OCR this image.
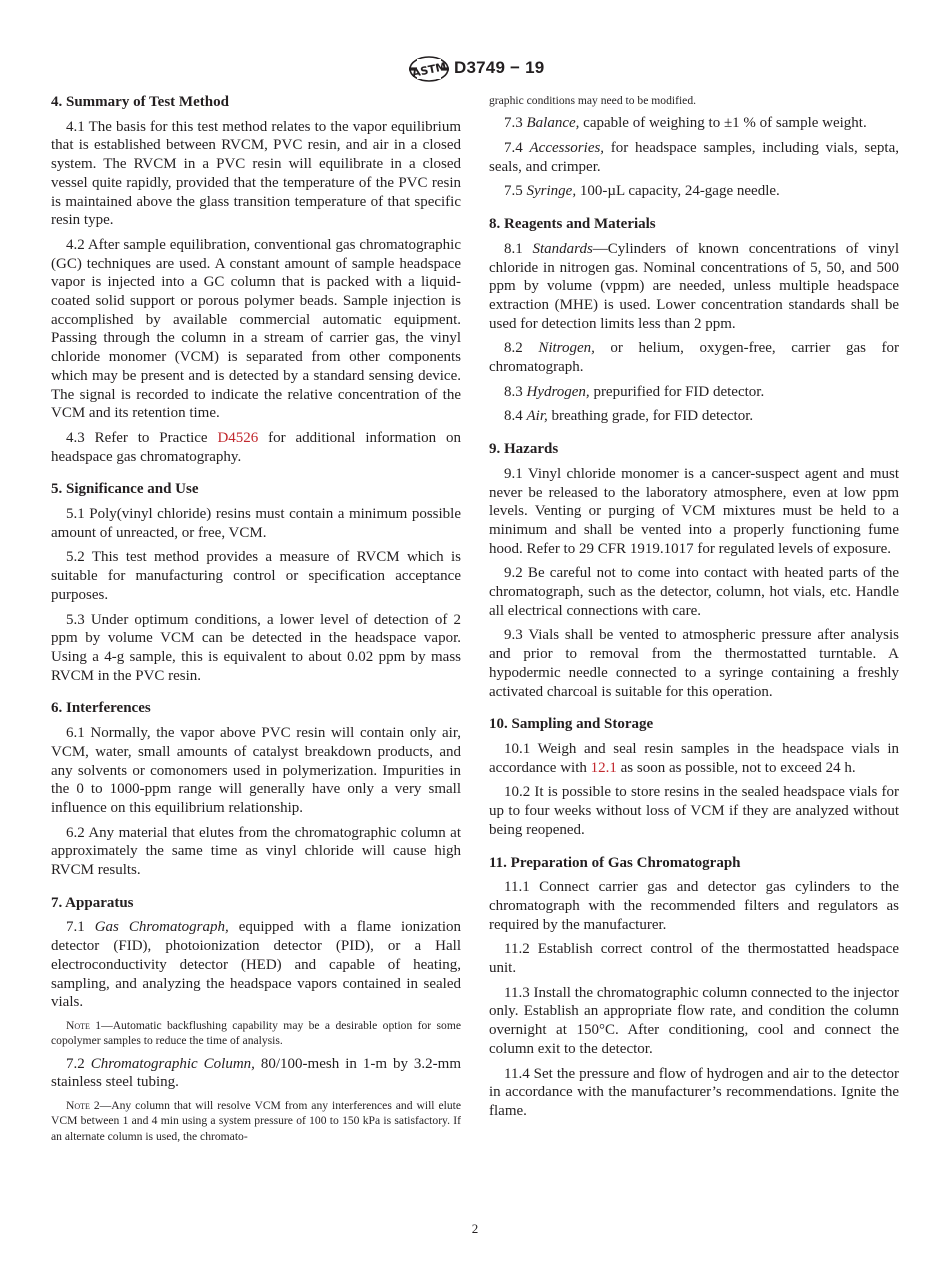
ASTM D3749 − 19
4. Summary of Test Method

4.1 The basis for this test method relates to the vapor equilibrium that is established between RVCM, PVC resin, and air in a closed system. The RVCM in a PVC resin will equilibrate in a closed vessel quite rapidly, provided that the temperature of the PVC resin is maintained above the glass transition temperature of that specific resin type.

4.2 After sample equilibration, conventional gas chromatographic (GC) techniques are used. A constant amount of sample headspace vapor is injected into a GC column that is packed with a liquid-coated solid support or porous polymer beads. Sample injection is accomplished by available commercial automatic equipment. Passing through the column in a stream of carrier gas, the vinyl chloride monomer (VCM) is separated from other components which may be present and is detected by a standard sensing device. The signal is recorded to indicate the relative concentration of the VCM and its retention time.

4.3 Refer to Practice D4526 for additional information on headspace gas chromatography.

5. Significance and Use

5.1 Poly(vinyl chloride) resins must contain a minimum possible amount of unreacted, or free, VCM.

5.2 This test method provides a measure of RVCM which is suitable for manufacturing control or specification acceptance purposes.

5.3 Under optimum conditions, a lower level of detection of 2 ppm by volume VCM can be detected in the headspace vapor. Using a 4-g sample, this is equivalent to about 0.02 ppm by mass RVCM in the PVC resin.

6. Interferences

6.1 Normally, the vapor above PVC resin will contain only air, VCM, water, small amounts of catalyst breakdown products, and any solvents or comonomers used in polymerization. Impurities in the 0 to 1000-ppm range will generally have only a very small influence on this equilibrium relationship.

6.2 Any material that elutes from the chromatographic column at approximately the same time as vinyl chloride will cause high RVCM results.

7. Apparatus

7.1 Gas Chromatograph, equipped with a flame ionization detector (FID), photoionization detector (PID), or a Hall electroconductivity detector (HED) and capable of heating, sampling, and analyzing the headspace vapors contained in sealed vials.

Note 1—Automatic backflushing capability may be a desirable option for some copolymer samples to reduce the time of analysis.

7.2 Chromatographic Column, 80/100-mesh in 1-m by 3.2-mm stainless steel tubing.

Note 2—Any column that will resolve VCM from any interferences and will elute VCM between 1 and 4 min using a system pressure of 100 to 150 kPa is satisfactory. If an alternate column is used, the chromato-
graphic conditions may need to be modified.

7.3 Balance, capable of weighing to ±1 % of sample weight.

7.4 Accessories, for headspace samples, including vials, septa, seals, and crimper.

7.5 Syringe, 100-µL capacity, 24-gage needle.

8. Reagents and Materials

8.1 Standards—Cylinders of known concentrations of vinyl chloride in nitrogen gas. Nominal concentrations of 5, 50, and 500 ppm by volume (vppm) are needed, unless multiple headspace extraction (MHE) is used. Lower concentration standards shall be used for detection limits less than 2 ppm.

8.2 Nitrogen, or helium, oxygen-free, carrier gas for chromatograph.

8.3 Hydrogen, prepurified for FID detector.

8.4 Air, breathing grade, for FID detector.

9. Hazards

9.1 Vinyl chloride monomer is a cancer-suspect agent and must never be released to the laboratory atmosphere, even at low ppm levels. Venting or purging of VCM mixtures must be held to a minimum and shall be vented into a properly functioning fume hood. Refer to 29 CFR 1919.1017 for regulated levels of exposure.

9.2 Be careful not to come into contact with heated parts of the chromatograph, such as the detector, column, hot vials, etc. Handle all electrical connections with care.

9.3 Vials shall be vented to atmospheric pressure after analysis and prior to removal from the thermostatted turntable. A hypodermic needle connected to a syringe containing a freshly activated charcoal is suitable for this operation.

10. Sampling and Storage

10.1 Weigh and seal resin samples in the headspace vials in accordance with 12.1 as soon as possible, not to exceed 24 h.

10.2 It is possible to store resins in the sealed headspace vials for up to four weeks without loss of VCM if they are analyzed without being reopened.

11. Preparation of Gas Chromatograph

11.1 Connect carrier gas and detector gas cylinders to the chromatograph with the recommended filters and regulators as required by the manufacturer.

11.2 Establish correct control of the thermostatted headspace unit.

11.3 Install the chromatographic column connected to the injector only. Establish an appropriate flow rate, and condition the column overnight at 150°C. After conditioning, cool and connect the column exit to the detector.

11.4 Set the pressure and flow of hydrogen and air to the detector in accordance with the manufacturer’s recommendations. Ignite the flame.

2
